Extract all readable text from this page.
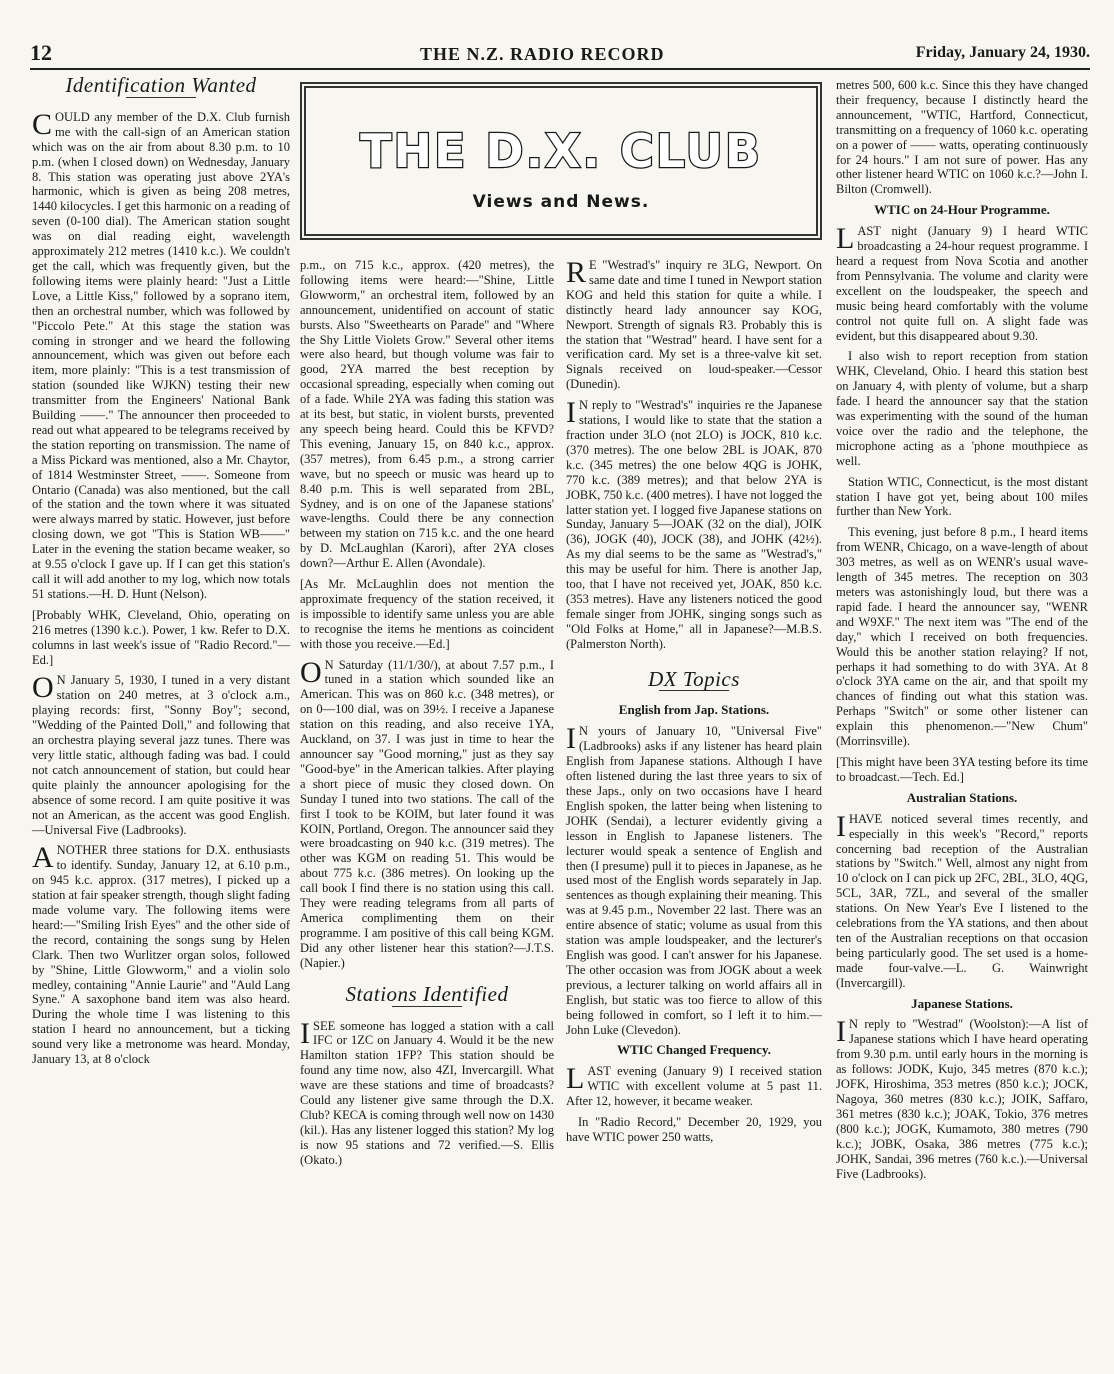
12	THE N.Z. RADIO RECORD	Friday, January 24, 1930.
THE D.X. CLUB
Views and News.
Identification Wanted

COULD any member of the D.X. Club furnish me with the call-sign of an American station which was on the air from about 8.30 p.m. to 10 p.m. (when I closed down) on Wednesday, January 8. This station was operating just above 2YA's harmonic, which is given as being 208 metres, 1440 kilocycles. I get this harmonic on a reading of seven (0-100 dial). The American station sought was on dial reading eight, wavelength approximately 212 metres (1410 k.c.). We couldn't get the call, which was frequently given, but the following items were plainly heard: "Just a Little Love, a Little Kiss," followed by a soprano item, then an orchestral number, which was followed by "Piccolo Pete." At this stage the station was coming in stronger and we heard the following announcement, which was given out before each item, more plainly: "This is a test transmission of station (sounded like WJKN) testing their new transmitter from the Engineers' National Bank Building ——." The announcer then proceeded to read out what appeared to be telegrams received by the station reporting on transmission. The name of a Miss Pickard was mentioned, also a Mr. Chaytor, of 1814 Westminster Street, ——. Someone from Ontario (Canada) was also mentioned, but the call of the station and the town where it was situated were always marred by static. However, just before closing down, we got "This is Station WB——" Later in the evening the station became weaker, so at 9.55 o'clock I gave up. If I can get this station's call it will add another to my log, which now totals 51 stations.—H. D. Hunt (Nelson).

[Probably WHK, Cleveland, Ohio, operating on 216 metres (1390 k.c.). Power, 1 kw. Refer to D.X. columns in last week's issue of "Radio Record."—Ed.]

O N January 5, 1930, I tuned in a very distant station on 240 metres, at 3 o'clock a.m., playing records: first, "Sonny Boy"; second, "Wedding of the Painted Doll," and following that an orchestra playing several jazz tunes. There was very little static, although fading was bad. I could not catch announcement of station, but could hear quite plainly the announcer apologising for the absence of some record. I am quite positive it was not an American, as the accent was good English.—Universal Five (Ladbrooks).

ANOTHER three stations for D.X. enthusiasts to identify. Sunday, January 12, at 6.10 p.m., on 945 k.c. approx. (317 metres), I picked up a station at fair speaker strength, though slight fading made volume vary. The following items were heard:—"Smiling Irish Eyes" and the other side of the record, containing the songs sung by Helen Clark. Then two Wurlitzer organ solos, followed by "Shine, Little Glowworm," and a violin solo medley, containing "Annie Laurie" and "Auld Lang Syne." A saxophone band item was also heard. During the whole time I was listening to this station I heard no announcement, but a ticking sound very like a metronome was heard. Monday, January 13, at 8 o'clock

p.m., on 715 k.c., approx. (420 metres), the following items were heard:—"Shine, Little Glowworm," an orchestral item, followed by an announcement, unidentified on account of static bursts. Also "Sweethearts on Parade" and "Where the Shy Little Violets Grow." Several other items were also heard, but though volume was fair to good, 2YA marred the best reception by occasional spreading, especially when coming out of a fade. While 2YA was fading this station was at its best, but static, in violent bursts, prevented any speech being heard. Could this be KFVD? This evening, January 15, on 840 k.c., approx. (357 metres), from 6.45 p.m., a strong carrier wave, but no speech or music was heard up to 8.40 p.m. This is well separated from 2BL, Sydney, and is on one of the Japanese stations' wave-lengths. Could there be any connection between my station on 715 k.c. and the one heard by D. McLaughlan (Karori), after 2YA closes down?—Arthur E. Allen (Avondale).

[As Mr. McLaughlin does not mention the approximate frequency of the station received, it is impossible to identify same unless you are able to recognise the items he mentions as coincident with those you receive.—Ed.]

O N Saturday (11/1/30/), at about 7.57 p.m., I tuned in a station which sounded like an American. This was on 860 k.c. (348 metres), or on 0—100 dial, was on 39½. I receive a Japanese station on this reading, and also receive 1YA, Auckland, on 37. I was just in time to hear the announcer say "Good morning," just as they say "Good-bye" in the American talkies. After playing a short piece of music they closed down. On Sunday I tuned into two stations. The call of the first I took to be KOIM, but later found it was KOIN, Portland, Oregon. The announcer said they were broadcasting on 940 k.c. (319 metres). The other was KGM on reading 51. This would be about 775 k.c. (386 metres). On looking up the call book I find there is no station using this call. They were reading telegrams from all parts of America complimenting them on their programme. I am positive of this call being KGM. Did any other listener hear this station?—J.T.S. (Napier.)

Stations Identified

ISEE someone has logged a station with a call IFC or 1ZC on January 4. Would it be the new Hamilton station 1FP? This station should be found any time now, also 4ZI, Invercargill. What wave are these stations and time of broadcasts? Could any listener give same through the D.X. Club? KECA is coming through well now on 1430 (kil.). Has any listener logged this station? My log is now 95 stations and 72 verified.—S. Ellis (Okato.)

R E "Westrad's" inquiry re 3LG, Newport. On same date and time I tuned in Newport station KOG and held this station for quite a while. I distinctly heard lady announcer say KOG, Newport. Strength of signals R3. Probably this is the station that "Westrad" heard. I have sent for a verification card. My set is a three-valve kit set. Signals received on loud-speaker.—Cessor (Dunedin).

I N reply to "Westrad's" inquiries re the Japanese stations, I would like to state that the station a fraction under 3LO (not 2LO) is JOCK, 810 k.c. (370 metres). The one below 2BL is JOAK, 870 k.c. (345 metres) the one below 4QG is JOHK, 770 k.c. (389 metres); and that below 2YA is JOBK, 750 k.c. (400 metres). I have not logged the latter station yet. I logged five Japanese stations on Sunday, January 5—JOAK (32 on the dial), JOIK (36), JOGK (40), JOCK (38), and JOHK (42½). As my dial seems to be the same as "Westrad's," this may be useful for him. There is another Jap, too, that I have not received yet, JOAK, 850 k.c. (353 metres). Have any listeners noticed the good female singer from JOHK, singing songs such as "Old Folks at Home," all in Japanese?—M.B.S. (Palmerston North).

DX Topics
English from Jap. Stations.

I N yours of January 10, "Universal Five" (Ladbrooks) asks if any listener has heard plain English from Japanese stations. Although I have often listened during the last three years to six of these Japs., only on two occasions have I heard English spoken, the latter being when listening to JOHK (Sendai), a lecturer evidently giving a lesson in English to Japanese listeners. The lecturer would speak a sentence of English and then (I presume) pull it to pieces in Japanese, as he used most of the English words separately in Jap. sentences as though explaining their meaning. This was at 9.45 p.m., November 22 last. There was an entire absence of static; volume as usual from this station was ample loudspeaker, and the lecturer's English was good. I can't answer for his Japanese. The other occasion was from JOGK about a week previous, a lecturer talking on world affairs all in English, but static was too fierce to allow of this being followed in comfort, so I left it to him.—John Luke (Clevedon).

WTIC Changed Frequency.

LAST evening (January 9) I received station WTIC with excellent volume at 5 past 11. After 12, however, it became weaker.

In "Radio Record," December 20, 1929, you have WTIC power 250 watts,

metres 500, 600 k.c. Since this they have changed their frequency, because I distinctly heard the announcement, "WTIC, Hartford, Connecticut, transmitting on a frequency of 1060 k.c. operating on a power of —— watts, operating continuously for 24 hours." I am not sure of power. Has any other listener heard WTIC on 1060 k.c.?—John I. Bilton (Cromwell).

WTIC on 24-Hour Programme.

LAST night (January 9) I heard WTIC broadcasting a 24-hour request programme. I heard a request from Nova Scotia and another from Pennsylvania. The volume and clarity were excellent on the loudspeaker, the speech and music being heard comfortably with the volume control not quite full on. A slight fade was evident, but this disappeared about 9.30.

I also wish to report reception from station WHK, Cleveland, Ohio. I heard this station best on January 4, with plenty of volume, but a sharp fade. I heard the announcer say that the station was experimenting with the sound of the human voice over the radio and the telephone, the microphone acting as a 'phone mouthpiece as well.

Station WTIC, Connecticut, is the most distant station I have got yet, being about 100 miles further than New York.

This evening, just before 8 p.m., I heard items from WENR, Chicago, on a wave-length of about 303 metres, as well as on WENR's usual wave-length of 345 metres. The reception on 303 meters was astonishingly loud, but there was a rapid fade. I heard the announcer say, "WENR and W9XF." The next item was "The end of the day," which I received on both frequencies. Would this be another station relaying? If not, perhaps it had something to do with 3YA. At 8 o'clock 3YA came on the air, and that spoilt my chances of finding out what this station was. Perhaps "Switch" or some other listener can explain this phenomenon.—"New Chum" (Morrinsville).

[This might have been 3YA testing before its time to broadcast.—Tech. Ed.]

Australian Stations.

IHAVE noticed several times recently, and especially in this week's "Record," reports concerning bad reception of the Australian stations by "Switch." Well, almost any night from 10 o'clock on I can pick up 2FC, 2BL, 3LO, 4QG, 5CL, 3AR, 7ZL, and several of the smaller stations. On New Year's Eve I listened to the celebrations from the YA stations, and then about ten of the Australian receptions on that occasion being particularly good. The set used is a home-made four-valve.—L. G. Wainwright (Invercargill).

Japanese Stations.

I N reply to "Westrad" (Woolston):—A list of Japanese stations which I have heard operating from 9.30 p.m. until early hours in the morning is as follows: JODK, Kujo, 345 metres (870 k.c.); JOFK, Hiroshima, 353 metres (850 k.c.); JOCK, Nagoya, 360 metres (830 k.c.); JOIK, Saffaro, 361 metres (830 k.c.); JOAK, Tokio, 376 metres (800 k.c.); JOGK, Kumamoto, 380 metres (790 k.c.); JOBK, Osaka, 386 metres (775 k.c.); JOHK, Sandai, 396 metres (760 k.c.).—Universal Five (Ladbrooks).
